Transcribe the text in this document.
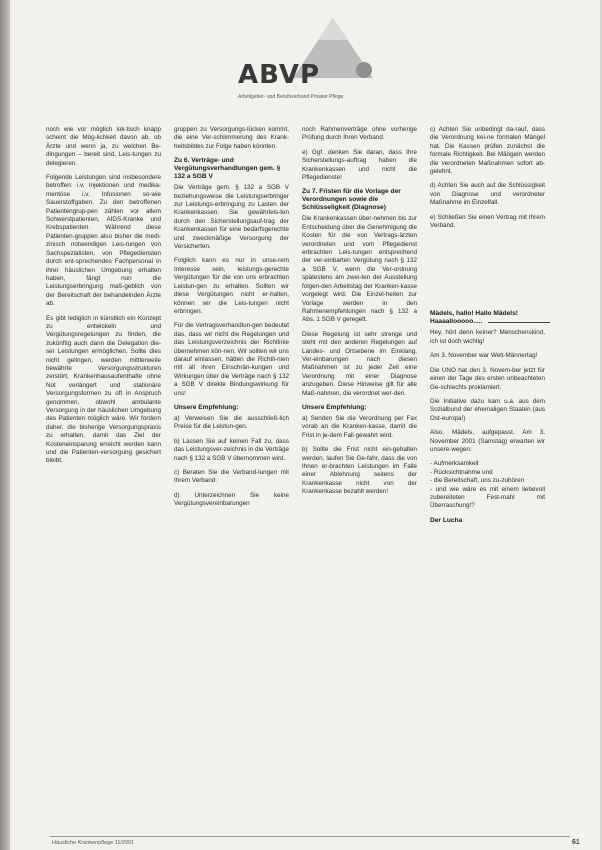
ABVP
Arbeitgeber- und Berufsverband Privater Pflege

noch wie vor möglich lok-tisch knapp scheint die Mög-lichkeit davon ab, ob Ärzte und wenn ja, zu welchen Be-dingungen – bereit sind, Leis-tungen zu delegieren.

Folgende Leistungen sind insbesondere betroffen: i.v. Injektionen und medika-mentöse i.v. Infusionen so-wie Sauerstoffgaben. Zu den betroffenen Patientengrup-pen zählen vor allem Schwerstpatienten, AIDS-Kranke und Krebspatienten. Während diese Patienten-gruppen also bisher die medi-zinisch notwendigen Leis-tungen von Sachspezialisten, von Pflegediensten durch ent-sprechendes Fachpersonal in ihrer häuslichen Umgebung erhalten haben, fängt nun die Leistungserbringung maß-geblich von der Bereitschaft der behandelnden Ärzte ab.

Es gibt lediglich in künstlich ein Konzept zu entwickeln und Vergütungsregelungen zu finden, die zukünftig auch dann die Delegation die-ser Leistungen ermöglichen. Sollte dies nicht gelingen, werden mittlerweile bewährte Versorgungsstrukturen zerstört, Krankenhausaufenthalte ohne Not verlängert und stationäre Versorgungsformen zu oft in Anspruch genommen, obwohl ambulante Versorgung in der häuslichen Umgebung des Patienten möglich wäre. Wir fordern daher, die bisherige Versorgungspraxis zu erhalten, damit das Ziel der Kosteneinsparung erreicht werden kann und die Patienten-versorgung gesichert bleibt.

gruppen zu Versorgungs-lücken kommt, die eine Ver-schlimmerung des Krank-heitsbildes zur Folge haben könnten.

Zu 6. Verträge- und Vergütungsverhandlungen gem. § 132 a SGB V

Die Verträge gem. § 132 a SGB V beziehungsweise die Leistungserbringer zur Leistungs-erbringung zu Lasten der Krankenkassen. Sie gewährleis-ten durch den Sicherstellungsauf-trag der Krankenkassen für eine bedarfsgerechte und zweckmäßige Versorgung der Versicherten.

Folglich kann es nur in unse-rem Interesse sein, leistungs-gerechte Vergütungen für die von uns erbrachten Leistun-gen zu erhalten. Sollten wir diese Vergütungen nicht er-halten, können wir die Leis-tungen nicht erbringen.

Für die Vertragsverhandlun-gen bedeutet das, dass wir nicht die Regelungen und das Leistungsverzeichnis der Richtlinie übernehmen kön-nen. Wir sollten wir uns darauf einlassen, hätten die Richtli-nien mit all ihren Einschrän-kungen und Wirkungen über die Verträge nach § 132 a SGB V direkte Bindungswirkung für uns!

Unsere Empfehlung:

a) Verweisen Sie die ausschließ-lich Preise für die Leistun-gen.

b) Lassen Sie auf keinen Fall zu, dass das Leistungsver-zeichnis in die Verträge nach § 132 a SGB V übernommen wird.

c) Beraten Sie die Verband-lungen mit Ihrem Verband.

d) Unterzeichnen Sie keine Vergütungsvereinbarungen

noch Rahmenverträge ohne vorherige Prüfung durch Ihren Verband.

e) Ggf. denken Sie daran, dass Ihre Sicherstellungs-auftrag haben die Krankenkassen und nicht die Pflegedienste!

Zu 7. Fristen für die Vorlage der Verordnungen sowie die Schlüsseligkeit (Diagnose)

Die Krankenkassen über-nehmen bis zur Entscheidung über die Genehmigung die Kosten für die von Vertrags-ärzten verordneten und vom Pflegedienst erbrachten Leis-tungen entsprechend der ver-einbarten Vergütung nach § 132 a SGB V, wenn die Ver-ordnung spätestens am zwei-ten der Ausstellung folgen-den Arbeitstag der Kranken-kasse vorgelegt wird. Die Einzel-heiten zur Vorlage werden in den Rahmenempfehlungen nach § 132 a Abs. 1 SGB V geregelt.

Diese Regelung ist sehr strenge und steht mit den anderen Regelungen auf Landes- und Ortsebene im Einklang. Ver-einbarungen nach diesen Maßnahmen ist zu jeder Zeit eine Verordnung mit einer Diagnose anzugeben. Diese Hinweise gilt für alle Maß-nahmen, die verordnet wer-den.

Unsere Empfehlung:

a) Senden Sie die Verordnung per Fax vorab an die Kranken-kasse, damit die Frist in je-dem Fall gewahrt wird.

b) Sollte die Frist nicht ein-gehalten werden, laufen Sie Ge-fahr, dass die von Ihnen er-brachten Leistungen im Falle einer Ablehnung seitens der Krankenkasse nicht von der Krankenkasse bezahlt werden!

c) Achten Sie unbedingt da-rauf, dass die Verordnung kei-ne formalen Mängel hat. Die Kassen prüfen zunächst die formale Richtigkeit. Bei Mängeln werden die verordneten Maßnahmen sofort ab-gelehnt.

d) Achten Sie auch auf die Schlüssigkeit von Diagnose und verordneter Maßnahme im Einzelfall.

e) Schließen Sie einen Vertrag mit Ihrem Verband.

Mädels, hallo! Hallo Mädels! Haaaallooooo.....

Hey, hört denn keiner? Menschenskind, ich ist doch wichtig!

Am 3. November war Welt-Männertag!

Die UNO hat den 3. Novem-ber jetzt für einen der Tage des ersten unbeachteten Ge-schlechts proklamiert.

Die Initiative dazu kam u.a. aus dem Sozialbund der ehemaligen Staaten (aus Ost-europa!)

Also, Mädels, aufgepasst. Am 3. November 2001 (Samstag) erwarten wir unsere-wegen:

- Aufmerksamkeit
- Rücksichtnahme und
- die Bereitschaft, uns zu-zuhören
- und wie wäre es mit einem liebevoll zubereiteten Fest-mahl mit Überraschung!?

Der Lucha
Häusliche Krankenpflege 11/2001	61
